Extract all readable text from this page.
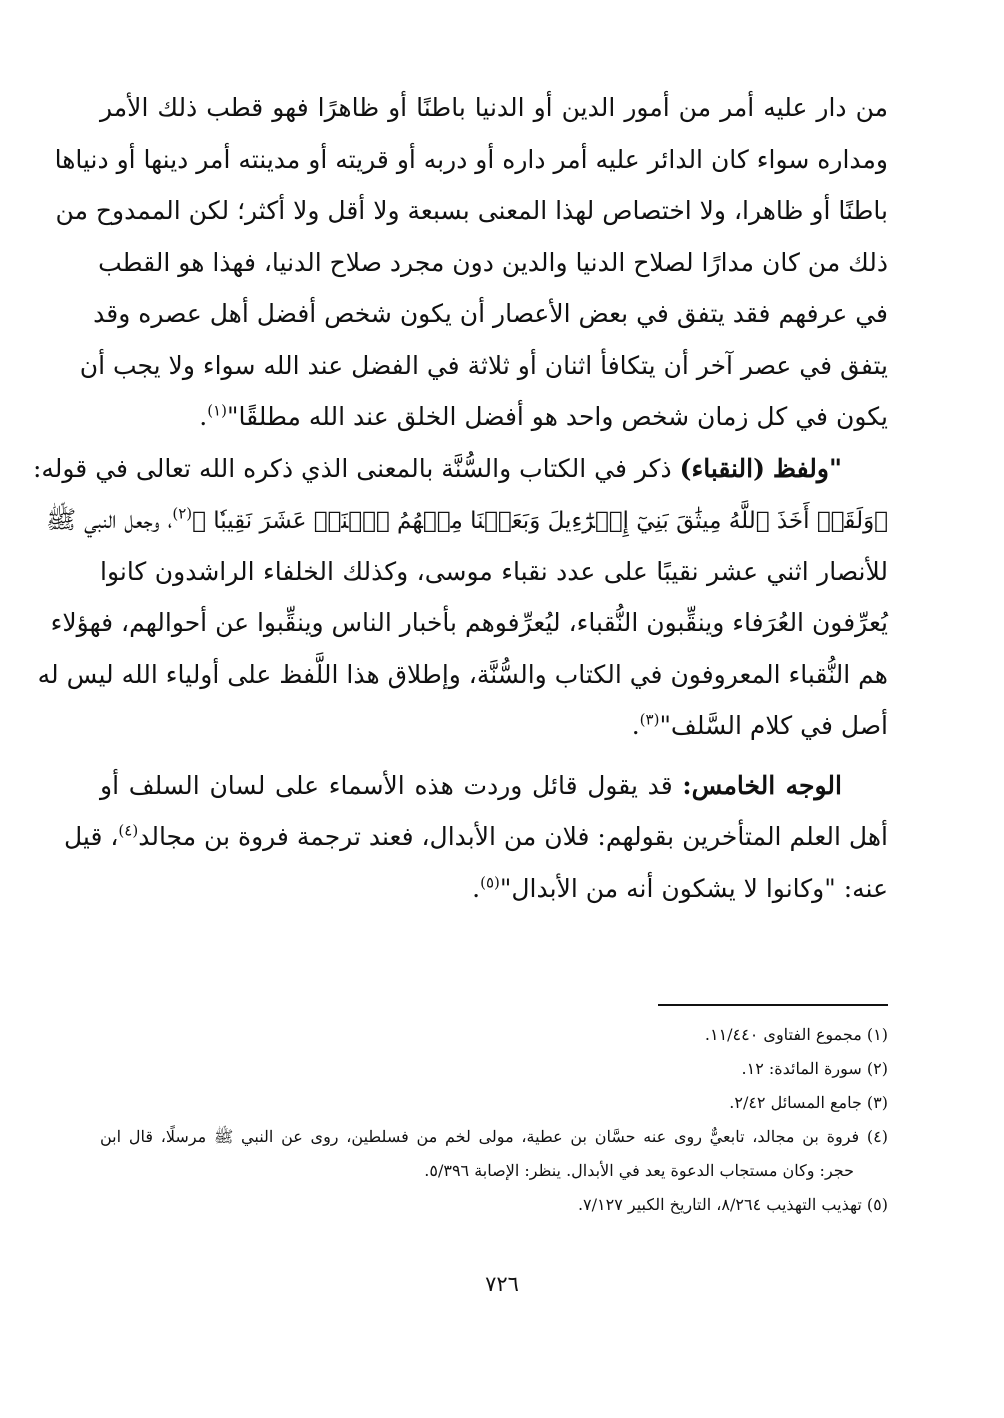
من دار عليه أمر من أمور الدين أو الدنيا باطنًا أو ظاهرًا فهو قطب ذلك الأمر
ومداره سواء كان الدائر عليه أمر داره أو دربه أو قريته أو مدينته أمر دينها أو دنياها
باطنًا أو ظاهرا، ولا اختصاص لهذا المعنى بسبعة ولا أقل ولا أكثر؛ لكن الممدوح من
ذلك من كان مدارًا لصلاح الدنيا والدين دون مجرد صلاح الدنيا، فهذا هو القطب
في عرفهم فقد يتفق في بعض الأعصار أن يكون شخص أفضل أهل عصره وقد
يتفق في عصر آخر أن يتكافأ اثنان أو ثلاثة في الفضل عند الله سواء ولا يجب أن
يكون في كل زمان شخص واحد هو أفضل الخلق عند الله مطلقًا"$^{(١)}$.
"ولفظ (النقباء) ذكر في الكتاب والسُّنَّة بالمعنى الذي ذكره الله تعالى في قوله:
﴿وَلَقَدۡ أَخَذَ ٱللَّهُ مِيثَٰقَ بَنِيٓ إِسۡرَٰٓءِيلَ وَبَعَثۡنَا مِنۡهُمُ ٱثۡنَيۡ عَشَرَ نَقِيبٗا ﴾$^{(٢)}$، وجعل النبي ﷺ
للأنصار اثني عشر نقيبًا على عدد نقباء موسى، وكذلك الخلفاء الراشدون كانوا
يُعرِّفون العُرَفاء وينقِّبون النُّقباء، ليُعرِّفوهم بأخبار الناس وينقِّبوا عن أحوالهم، فهؤلاء
هم النُّقباء المعروفون في الكتاب والسُّنَّة، وإطلاق هذا اللَّفظ على أولياء الله ليس له
أصل في كلام السَّلف"$^{(٣)}$.
الوجه الخامس: قد يقول قائل وردت هذه الأسماء على لسان السلف أو
أهل العلم المتأخرين بقولهم: فلان من الأبدال، فعند ترجمة فروة بن مجالد$^{(٤)}$، قيل
عنه: "وكانوا لا يشكون أنه من الأبدال"$^{(٥)}$.
(١) مجموع الفتاوى ١١/٤٤٠.
(٢) سورة المائدة: ١٢.
(٣) جامع المسائل ٢/٤٢.
(٤) فروة بن مجالد، تابعيٌّ روى عنه حسَّان بن عطية، مولى لخم من فسلطين، روى عن النبي ﷺ مرسلًا، قال ابن
حجر: وكان مستجاب الدعوة يعد في الأبدال. ينظر: الإصابة ٥/٣٩٦.
(٥) تهذيب التهذيب ٨/٢٦٤، التاريخ الكبير ٧/١٢٧.
٧٢٦
